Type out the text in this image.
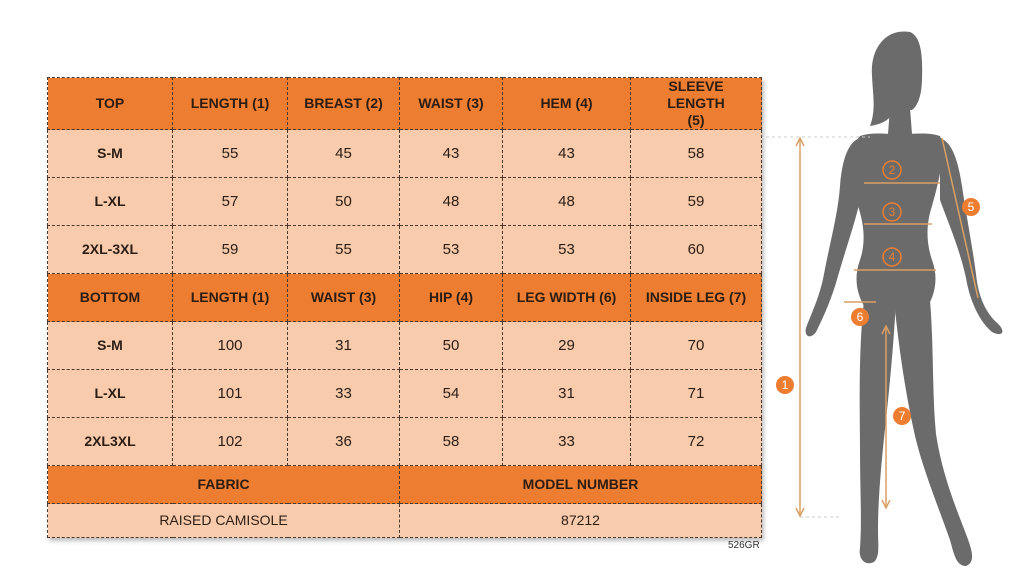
TOP	LENGTH (1)	BREAST (2)	WAIST (3)	HEM (4)	SLEEVE LENGTH (5)
S-M	55	45	43	43	58
L-XL	57	50	48	48	59
2XL-3XL	59	55	53	53	60
BOTTOM	LENGTH (1)	WAIST (3)	HIP (4)	LEG WIDTH (6)	INSIDE LEG (7)
S-M	100	31	50	29	70
L-XL	101	33	54	31	71
2XL3XL	102	36	58	33	72
FABRIC			MODEL NUMBER		
RAISED CAMISOLE			87212		
526GR
1
2
3
4
5
6
7
